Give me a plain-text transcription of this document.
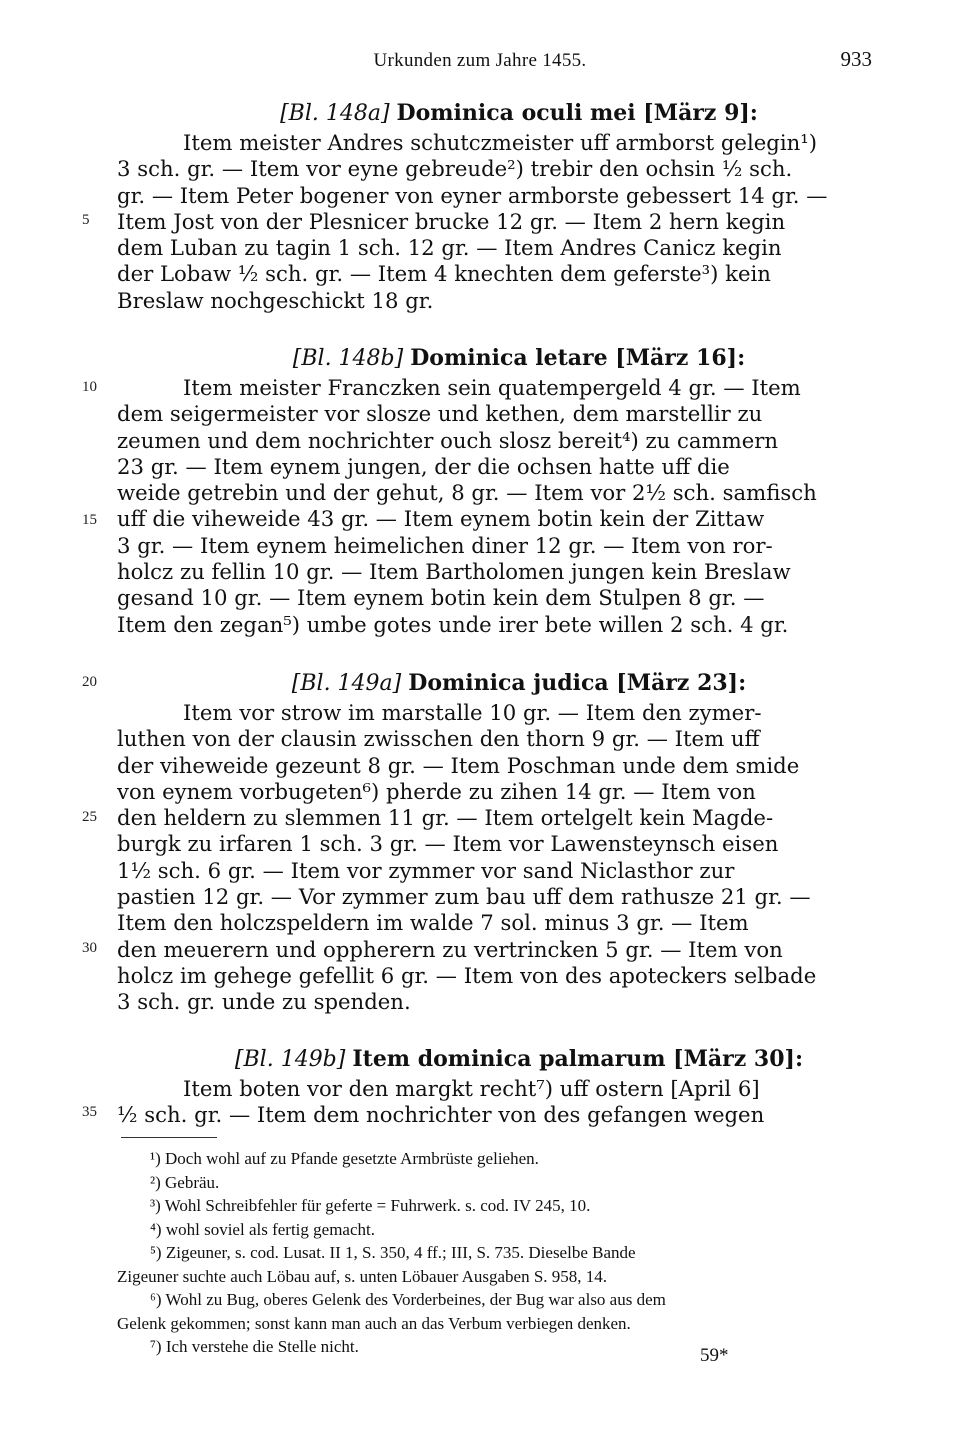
Urkunden zum Jahre 1455.	933
[Bl. 148a] Dominica oculi mei [März 9]:
Item meister Andres schutczmeister uff armborst gelegin¹)
3 sch. gr. — Item vor eyne gebreude²) trebir den ochsin ½ sch.
gr. — Item Peter bogener von eyner armborste gebessert 14 gr. —
Item Jost von der Plesnicer brucke 12 gr. — Item 2 hern kegin
dem Luban zu tagin 1 sch. 12 gr. — Item Andres Canicz kegin
der Lobaw ½ sch. gr. — Item 4 knechten dem geferste³) kein
Breslaw nochgeschickt 18 gr.
[Bl. 148b] Dominica letare [März 16]:
Item meister Franczken sein quatempergeld 4 gr. — Item
dem seigermeister vor slosze und kethen, dem marstellir zu
zeumen und dem nochrichter ouch slosz bereit⁴) zu cammern
23 gr. — Item eynem jungen, der die ochsen hatte uff die
weide getrebin und der gehut, 8 gr. — Item vor 2½ sch. samfisch
uff die viheweide 43 gr. — Item eynem botin kein der Zittaw
3 gr. — Item eynem heimelichen diner 12 gr. — Item von ror-
holcz zu fellin 10 gr. — Item Bartholomen jungen kein Breslaw
gesand 10 gr. — Item eynem botin kein dem Stulpen 8 gr. —
Item den zegan⁵) umbe gotes unde irer bete willen 2 sch. 4 gr.
[Bl. 149a] Dominica judica [März 23]:
Item vor strow im marstalle 10 gr. — Item den zymer-
luthen von der clausin zwisschen den thorn 9 gr. — Item uff
der viheweide gezeunt 8 gr. — Item Poschman unde dem smide
von eynem vorbugeten⁶) pherde zu zihen 14 gr. — Item von
den heldern zu slemmen 11 gr. — Item ortelgelt kein Magde-
burgk zu irfaren 1 sch. 3 gr. — Item vor Lawensteynsch eisen
1½ sch. 6 gr. — Item vor zymmer vor sand Niclasthor zur
pastien 12 gr. — Vor zymmer zum bau uff dem rathusze 21 gr. —
Item den holczspeldern im walde 7 sol. minus 3 gr. — Item
den meuerern und oppherern zu vertrincken 5 gr. — Item von
holcz im gehege gefellit 6 gr. — Item von des apoteckers selbade
3 sch. gr. unde zu spenden.
[Bl. 149b] Item dominica palmarum [März 30]:
Item boten vor den margkt recht⁷) uff ostern [April 6]
½ sch. gr. — Item dem nochrichter von des gefangen wegen
5
10
15
20
25
30
35
¹) Doch wohl auf zu Pfande gesetzte Armbrüste geliehen.
²) Gebräu.
³) Wohl Schreibfehler für geferte = Fuhrwerk. s. cod. IV 245, 10.
⁴) wohl soviel als fertig gemacht.
⁵) Zigeuner, s. cod. Lusat. II 1, S. 350, 4 ff.; III, S. 735. Dieselbe Bande
Zigeuner suchte auch Löbau auf, s. unten Löbauer Ausgaben S. 958, 14.
⁶) Wohl zu Bug, oberes Gelenk des Vorderbeines, der Bug war also aus dem
Gelenk gekommen; sonst kann man auch an das Verbum verbiegen denken.
⁷) Ich verstehe die Stelle nicht.	59*
